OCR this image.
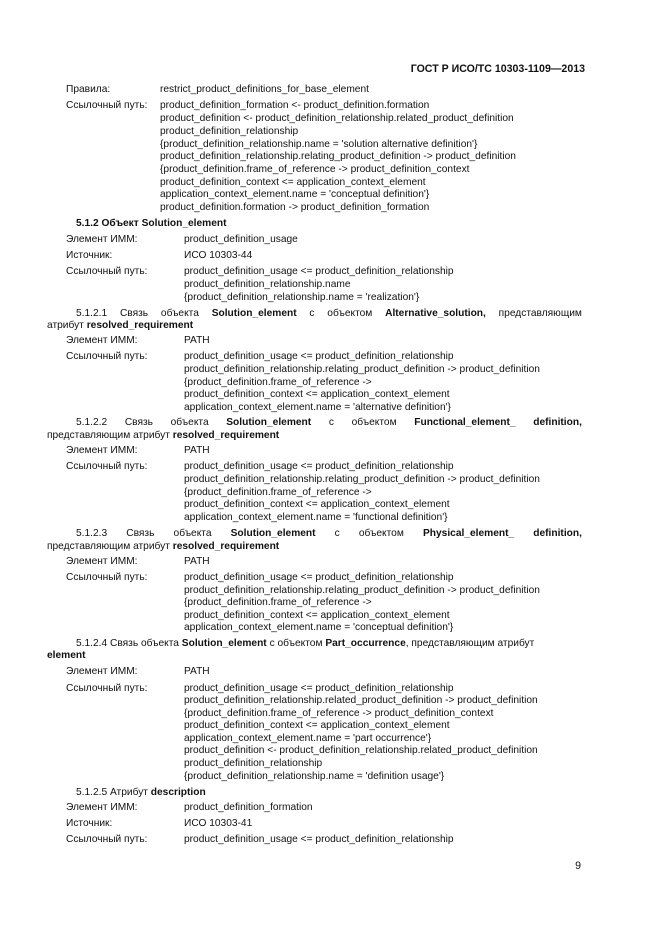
ГОСТ Р ИСО/ТС 10303-1109—2013
Правила:	restrict_product_definitions_for_base_element
Ссылочный путь: product_definition_formation <- product_definition.formation
product_definition <- product_definition_relationship.related_product_definition
product_definition_relationship
{product_definition_relationship.name = 'solution alternative definition'}
product_definition_relationship.relating_product_definition -> product_definition
{product_definition.frame_of_reference -> product_definition_context
product_definition_context <= application_context_element
application_context_element.name = 'conceptual definition'}
product_definition.formation -> product_definition_formation
5.1.2 Объект Solution_element
Элемент ИММ:	product_definition_usage
Источник:	ИСО 10303-44
Ссылочный путь:	product_definition_usage <= product_definition_relationship
product_definition_relationship.name
{product_definition_relationship.name = 'realization'}
5.1.2.1 Связь объекта Solution_element с объектом Alternative_solution, представляющим
атрибут resolved_requirement
Элемент ИММ:	PATH
Ссылочный путь:	product_definition_usage <= product_definition_relationship
product_definition_relationship.relating_product_definition -> product_definition
{product_definition.frame_of_reference ->
product_definition_context <= application_context_element
application_context_element.name = 'alternative definition'}
5.1.2.2 Связь объекта Solution_element с объектом Functional_element_ definition,
представляющим атрибут resolved_requirement
Элемент ИММ:	PATH
Ссылочный путь:	product_definition_usage <= product_definition_relationship
product_definition_relationship.relating_product_definition -> product_definition
{product_definition.frame_of_reference ->
product_definition_context <= application_context_element
application_context_element.name = 'functional definition'}
5.1.2.3 Связь объекта Solution_element с объектом Physical_element_ definition,
представляющим атрибут resolved_requirement
Элемент ИММ:	PATH
Ссылочный путь:	product_definition_usage <= product_definition_relationship
product_definition_relationship.relating_product_definition -> product_definition
{product_definition.frame_of_reference ->
product_definition_context <= application_context_element
application_context_element.name = 'conceptual definition'}
5.1.2.4 Связь объекта Solution_element с объектом Part_occurrence, представляющим атрибут
element
Элемент ИММ:	PATH
Ссылочный путь:	product_definition_usage <= product_definition_relationship
product_definition_relationship.related_product_definition -> product_definition
{product_definition.frame_of_reference -> product_definition_context
product_definition_context <= application_context_element
application_context_element.name = 'part occurrence'}
product_definition <- product_definition_relationship.related_product_definition
product_definition_relationship
{product_definition_relationship.name = 'definition usage'}
5.1.2.5 Атрибут description
Элемент ИММ:	product_definition_formation
Источник:	ИСО 10303-41
Ссылочный путь:	product_definition_usage <= product_definition_relationship
9
